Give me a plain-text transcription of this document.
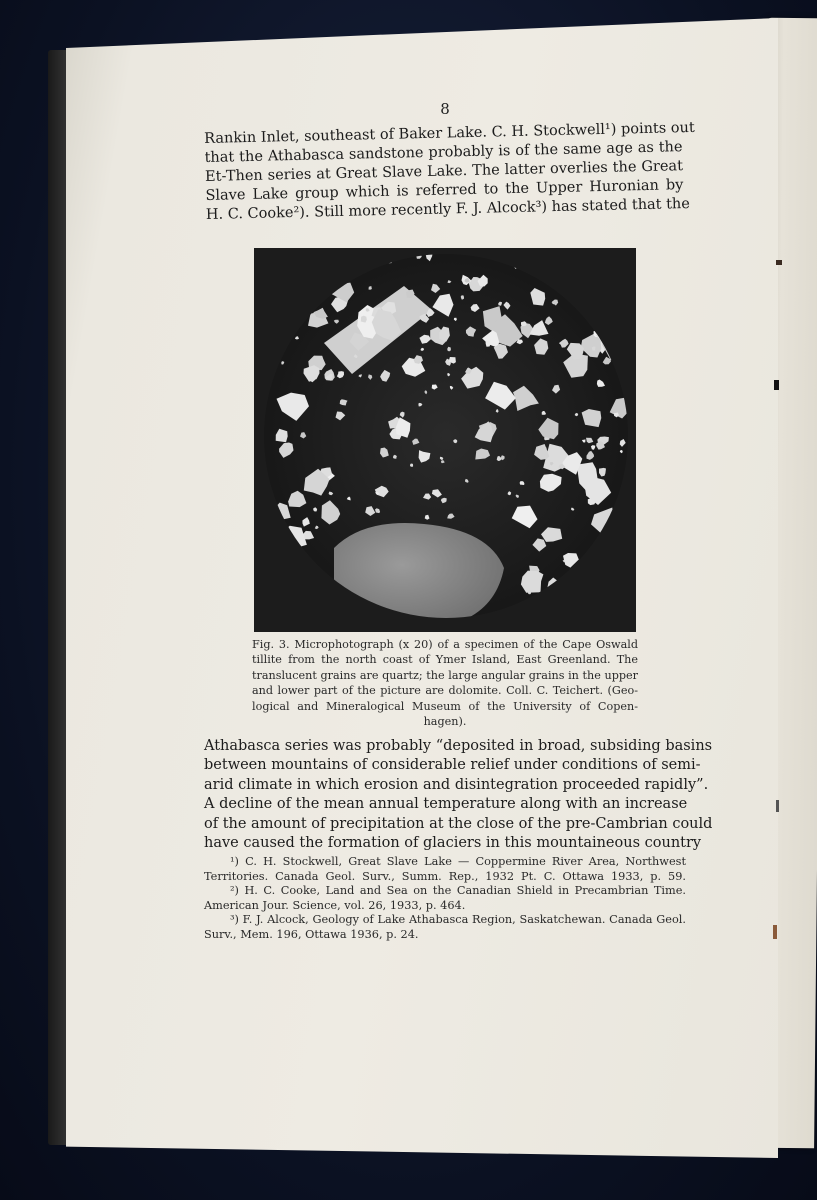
8
Rankin Inlet, southeast of Baker Lake. C. H. Stockwell¹) points out
that the Athabasca sandstone probably is of the same age as the
Et-Then series at Great Slave Lake. The latter overlies the Great
Slave Lake group which is referred to the Upper Huronian by
H. C. Cooke²). Still more recently F. J. Alcock³) has stated that the
Fig. 3. Microphotograph (x 20) of a specimen of the Cape Oswald
tillite from the north coast of Ymer Island, East Greenland. The
translucent grains are quartz; the large angular grains in the upper
and lower part of the picture are dolomite. Coll. C. Teichert. (Geo-
logical and Mineralogical Museum of the University of Copen-
hagen).
Athabasca series was probably “deposited in broad, subsiding basins
between mountains of considerable relief under conditions of semi-
arid climate in which erosion and disintegration proceeded rapidly”.
A decline of the mean annual temperature along with an increase
of the amount of precipitation at the close of the pre-Cambrian could
have caused the formation of glaciers in this mountaineous country
¹) C. H. Stockwell, Great Slave Lake — Coppermine River Area, Northwest
Territories. Canada Geol. Surv., Summ. Rep., 1932 Pt. C. Ottawa 1933, p. 59.
²) H. C. Cooke, Land and Sea on the Canadian Shield in Precambrian Time.
American Jour. Science, vol. 26, 1933, p. 464.
³) F. J. Alcock, Geology of Lake Athabasca Region, Saskatchewan. Canada Geol.
Surv., Mem. 196, Ottawa 1936, p. 24.
